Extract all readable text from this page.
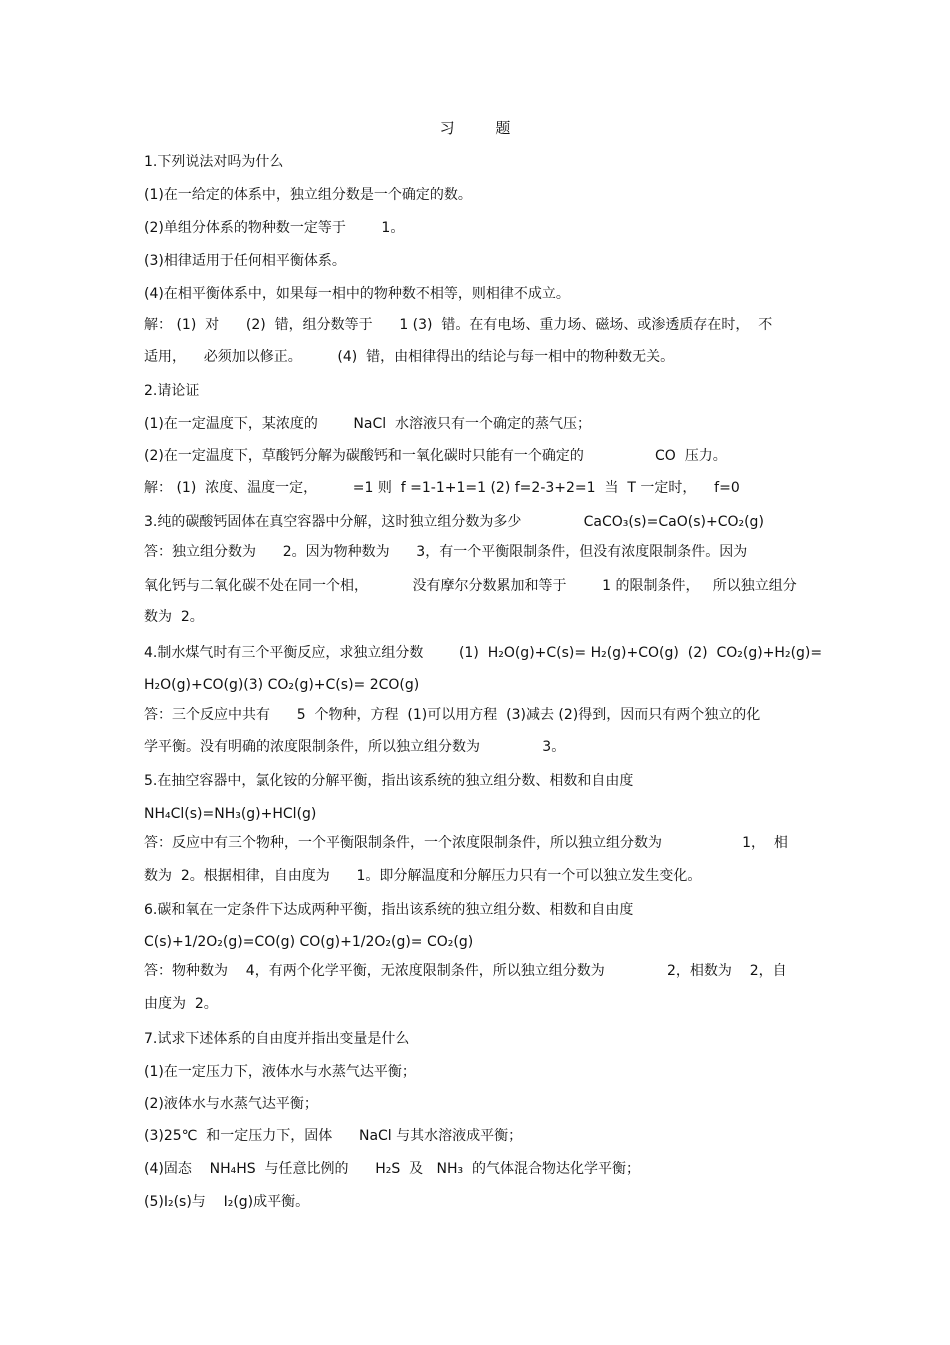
习 题
1.下列说法对吗为什么
(1)在一给定的体系中，独立组分数是一个确定的数。
(2)单组分体系的物种数一定等于        1。
(3)相律适用于任何相平衡体系。
(4)在相平衡体系中，如果每一相中的物种数不相等，则相律不成立。
解： (1)  对      (2)  错，组分数等于      1 (3)  错。在有电场、重力场、磁场、或渗透质存在时，  不
适用，    必须加以修正。        (4)  错，由相律得出的结论与每一相中的物种数无关。
2.请论证
(1)在一定温度下，某浓度的        NaCl  水溶液只有一个确定的蒸气压；
(2)在一定温度下，草酸钙分解为碳酸钙和一氧化碳时只能有一个确定的                CO  压力。
解： (1)  浓度、温度一定，        =1 则  f =1-1+1=1 (2) f=2-3+2=1  当  T 一定时，    f=0
3.纯的碳酸钙固体在真空容器中分解，这时独立组分数为多少              CaCO₃(s)=CaO(s)+CO₂(g)
答：独立组分数为      2。因为物种数为      3，有一个平衡限制条件，但没有浓度限制条件。因为
氧化钙与二氧化碳不处在同一个相，          没有摩尔分数累加和等于        1 的限制条件，   所以独立组分
数为  2。
4.制水煤气时有三个平衡反应，求独立组分数        (1)  H₂O(g)+C(s)= H₂(g)+CO(g)  (2)  CO₂(g)+H₂(g)=
H₂O(g)+CO(g)(3) CO₂(g)+C(s)= 2CO(g)
答：三个反应中共有      5  个物种，方程  (1)可以用方程  (3)减去 (2)得到，因而只有两个独立的化
学平衡。没有明确的浓度限制条件，所以独立组分数为              3。
5.在抽空容器中，氯化铵的分解平衡，指出该系统的独立组分数、相数和自由度
NH₄Cl(s)=NH₃(g)+HCl(g)
答：反应中有三个物种，一个平衡限制条件，一个浓度限制条件，所以独立组分数为                  1，  相
数为  2。根据相律，自由度为      1。即分解温度和分解压力只有一个可以独立发生变化。
6.碳和氧在一定条件下达成两种平衡，指出该系统的独立组分数、相数和自由度
C(s)+1/2O₂(g)=CO(g) CO(g)+1/2O₂(g)= CO₂(g)
答：物种数为    4，有两个化学平衡，无浓度限制条件，所以独立组分数为              2，相数为    2，自
由度为  2。
7.试求下述体系的自由度并指出变量是什么
(1)在一定压力下，液体水与水蒸气达平衡；
(2)液体水与水蒸气达平衡；
(3)25℃  和一定压力下，固体      NaCl 与其水溶液成平衡；
(4)固态    NH₄HS  与任意比例的      H₂S  及   NH₃  的气体混合物达化学平衡；
(5)I₂(s)与    I₂(g)成平衡。
